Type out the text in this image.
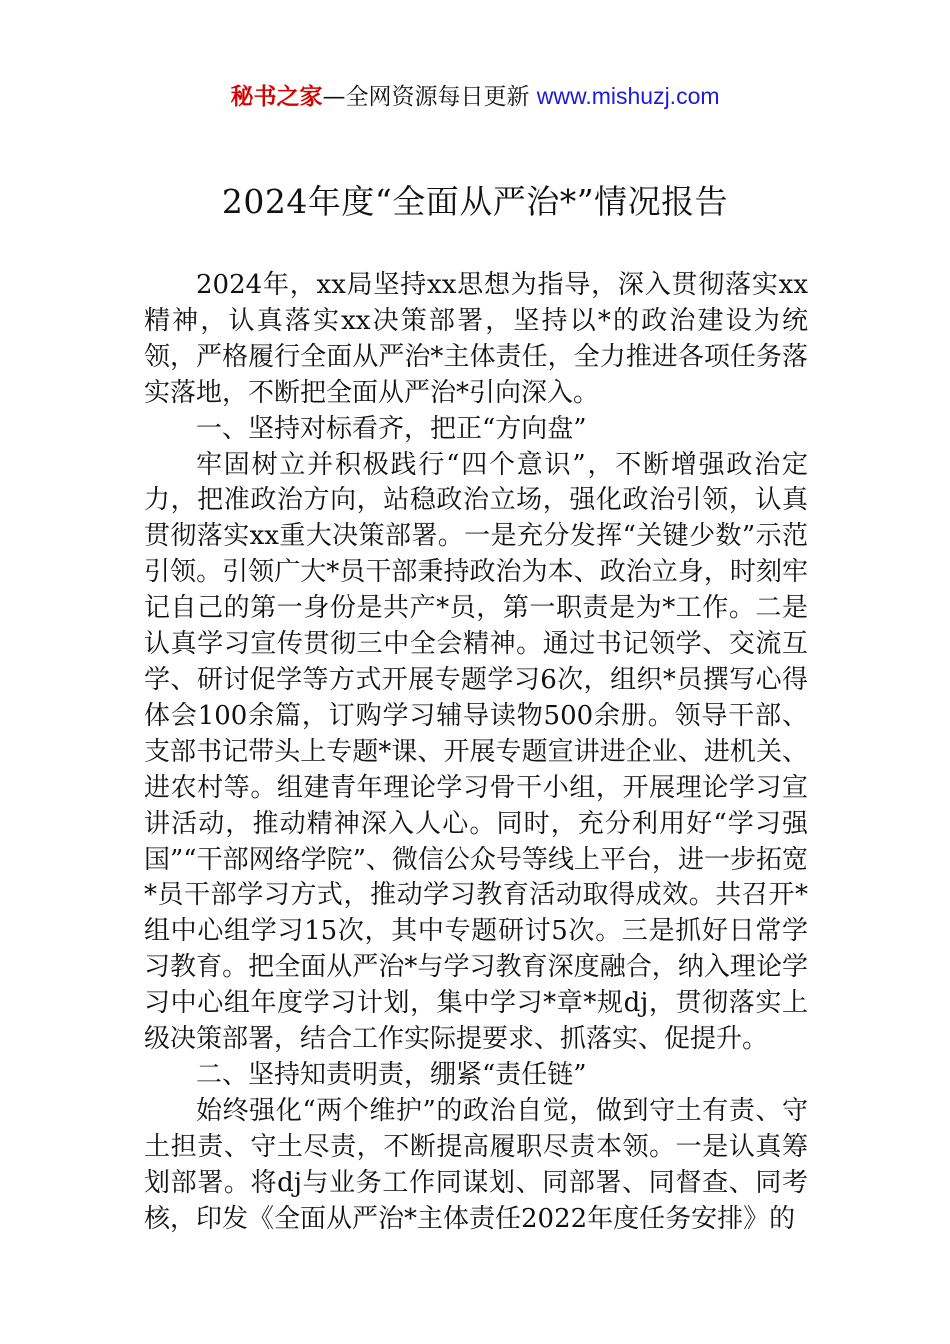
秘书之家—全网资源每日更新 www.mishuzj.com
2024年度“全面从严治*”情况报告

2024年，xx局坚持xx思想为指导，深入贯彻落实xx精神，认真落实xx决策部署，坚持以*的政治建设为统领，严格履行全面从严治*主体责任，全力推进各项任务落实落地，不断把全面从严治*引向深入。

一、坚持对标看齐，把正“方向盘”

牢固树立并积极践行“四个意识”，不断增强政治定力，把准政治方向，站稳政治立场，强化政治引领，认真贯彻落实xx重大决策部署。一是充分发挥“关键少数”示范引领。引领广大*员干部秉持政治为本、政治立身，时刻牢记自己的第一身份是共产*员，第一职责是为*工作。二是认真学习宣传贯彻三中全会精神。通过书记领学、交流互学、研讨促学等方式开展专题学习6次，组织*员撰写心得体会100余篇，订购学习辅导读物500余册。领导干部、支部书记带头上专题*课、开展专题宣讲进企业、进机关、进农村等。组建青年理论学习骨干小组，开展理论学习宣讲活动，推动精神深入人心。同时，充分利用好“学习强国”“干部网络学院”、微信公众号等线上平台，进一步拓宽*员干部学习方式，推动学习教育活动取得成效。共召开*组中心组学习15次，其中专题研讨5次。三是抓好日常学习教育。把全面从严治*与学习教育深度融合，纳入理论学习中心组年度学习计划，集中学习*章*规dj，贯彻落实上级决策部署，结合工作实际提要求、抓落实、促提升。

二、坚持知责明责，绷紧“责任链”

始终强化“两个维护”的政治自觉，做到守土有责、守土担责、守土尽责，不断提高履职尽责本领。一是认真筹划部署。将dj与业务工作同谋划、同部署、同督查、同考核，印发《全面从严治*主体责任2022年度任务安排》的
